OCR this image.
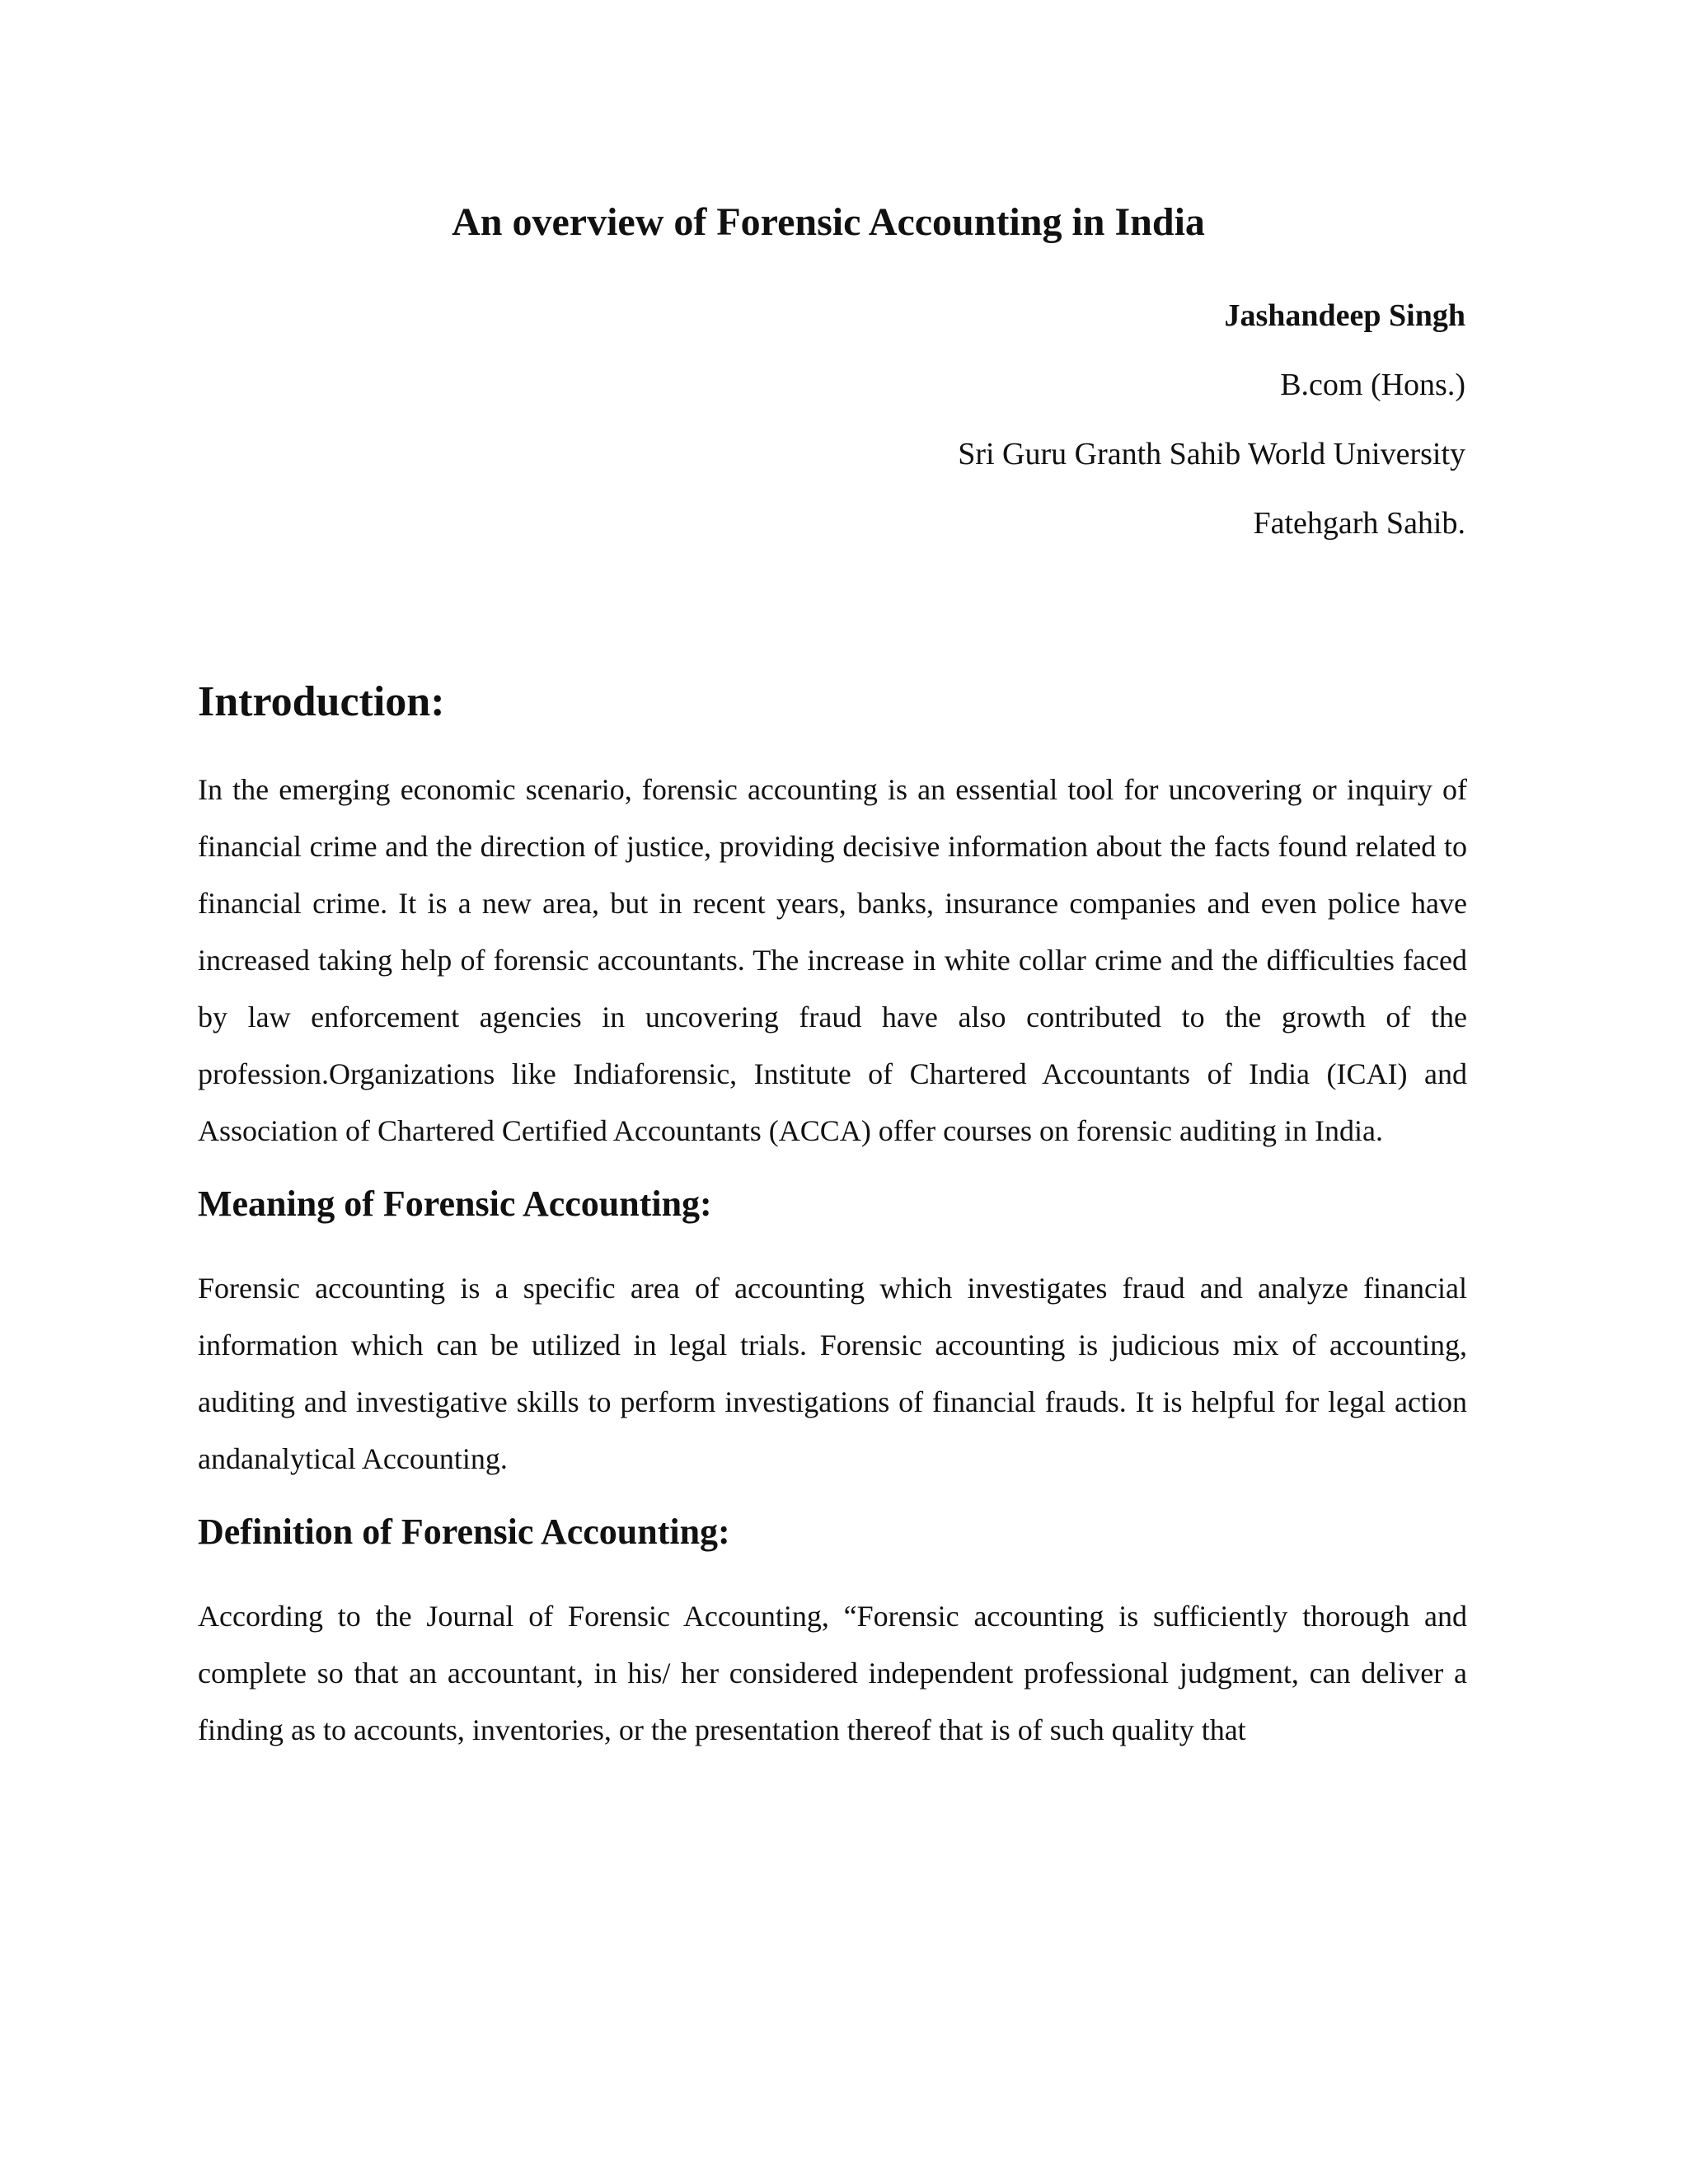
An overview of Forensic Accounting in India

Jashandeep Singh

B.com (Hons.)

Sri Guru Granth Sahib World University

Fatehgarh Sahib.

Introduction:

In the emerging economic scenario, forensic accounting is an essential tool for uncovering or inquiry of financial crime and the direction of justice, providing decisive information about the facts found related to financial crime. It is a new area, but in recent years, banks, insurance companies and even police have increased taking help of forensic accountants. The increase in white collar crime and the difficulties faced by law enforcement agencies in uncovering fraud have also contributed to the growth of the profession.Organizations like Indiaforensic, Institute of Chartered Accountants of India (ICAI) and Association of Chartered Certified Accountants (ACCA) offer courses on forensic auditing in India.

Meaning of Forensic Accounting:

Forensic accounting is a specific area of accounting which investigates fraud and analyze financial information which can be utilized in legal trials. Forensic accounting is judicious mix of accounting, auditing and investigative skills to perform investigations of financial frauds. It is helpful for legal action andanalytical Accounting.

Definition of Forensic Accounting:

According to the Journal of Forensic Accounting, “Forensic accounting is sufficiently thorough and complete so that an accountant, in his/ her considered independent professional judgment, can deliver a finding as to accounts, inventories, or the presentation thereof that is of such quality that
